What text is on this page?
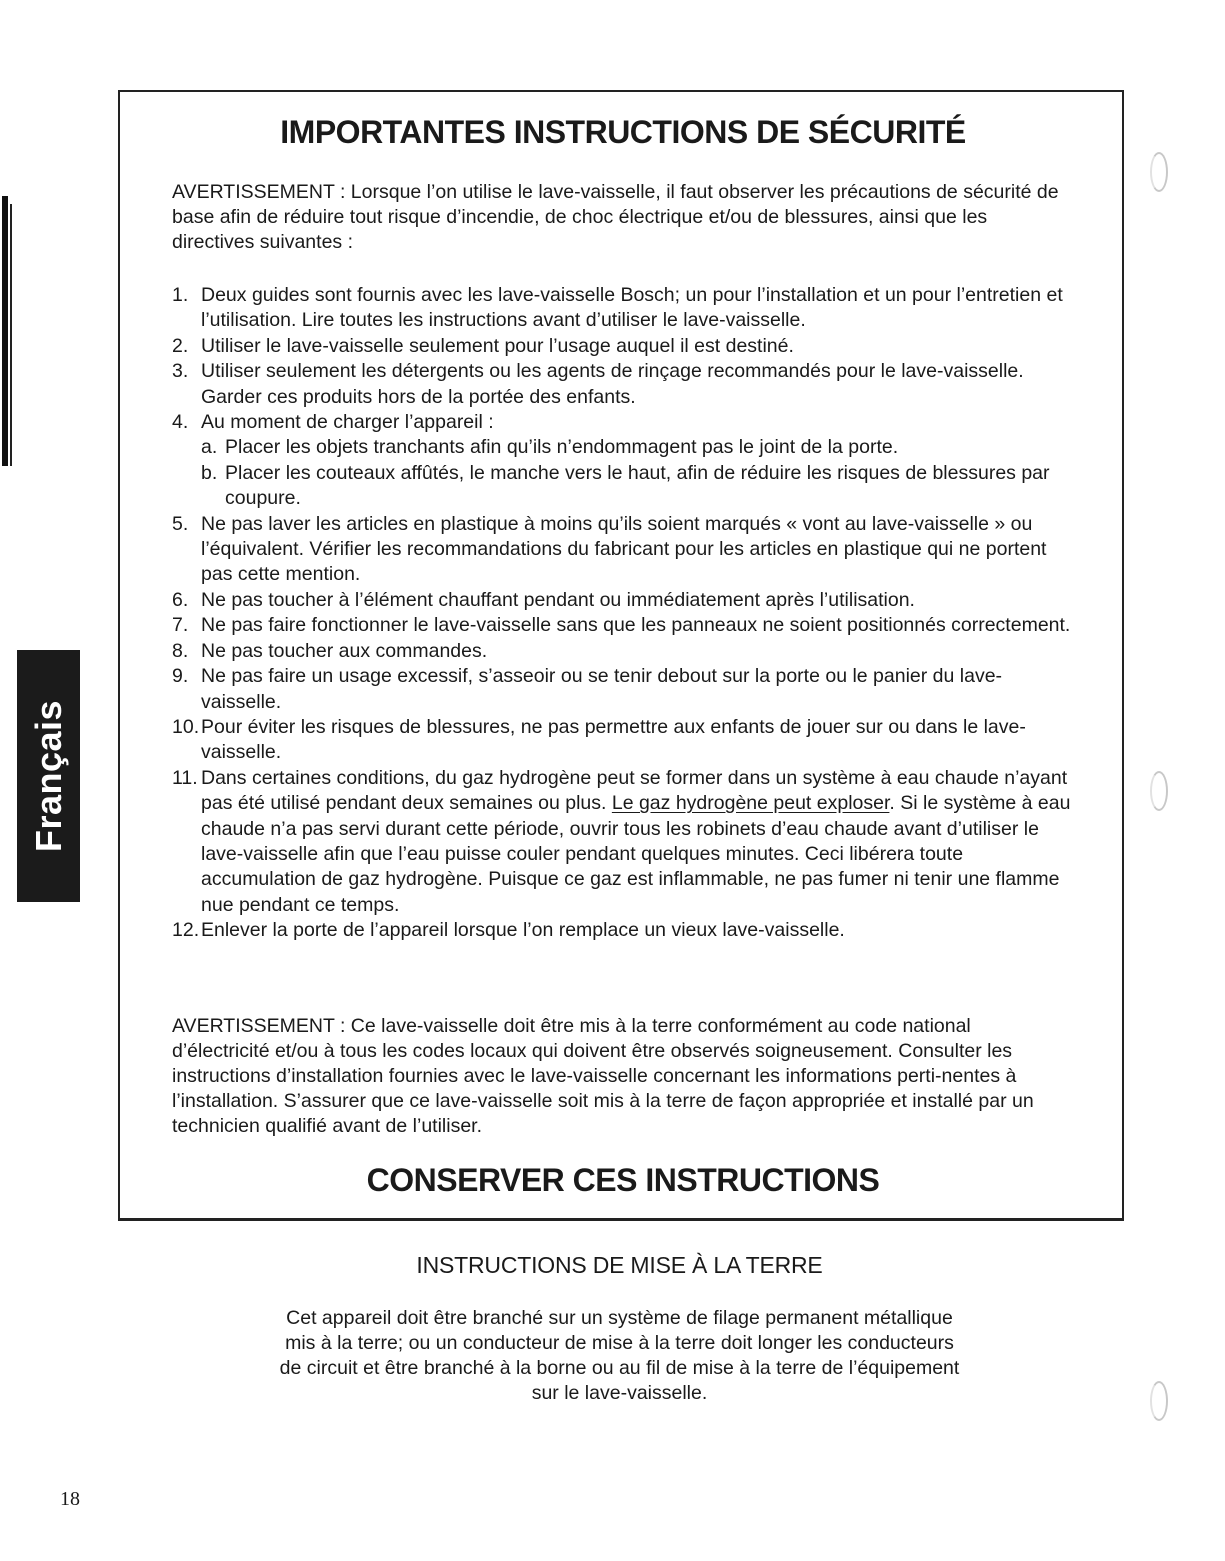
Français
IMPORTANTES INSTRUCTIONS DE SÉCURITÉ

AVERTISSEMENT : Lorsque l’on utilise le lave-vaisselle, il faut observer les précautions de sécurité de base afin de réduire tout risque d’incendie, de choc électrique et/ou de blessures, ainsi que les directives suivantes :

1. Deux guides sont fournis avec les lave-vaisselle Bosch; un pour l’installation et un pour l’entretien et l’utilisation. Lire toutes les instructions avant d’utiliser le lave-vaisselle.
2. Utiliser le lave-vaisselle seulement pour l’usage auquel il est destiné.
3. Utiliser seulement les détergents ou les agents de rinçage recommandés pour le lave-vaisselle. Garder ces produits hors de la portée des enfants.
4. Au moment de charger l’appareil :
a. Placer les objets tranchants afin qu’ils n’endommagent pas le joint de la porte.
b. Placer les couteaux affûtés, le manche vers le haut, afin de réduire les risques de blessures par coupure.
5. Ne pas laver les articles en plastique à moins qu’ils soient marqués « vont au lave-vaisselle » ou l’équivalent. Vérifier les recommandations du fabricant pour les articles en plastique qui ne portent pas cette mention.
6. Ne pas toucher à l’élément chauffant pendant ou immédiatement après l’utilisation.
7. Ne pas faire fonctionner le lave-vaisselle sans que les panneaux ne soient positionnés correctement.
8. Ne pas toucher aux commandes.
9. Ne pas faire un usage excessif, s’asseoir ou se tenir debout sur la porte ou le panier du lave-vaisselle.
10. Pour éviter les risques de blessures, ne pas permettre aux enfants de jouer sur ou dans le lave-vaisselle.
11. Dans certaines conditions, du gaz hydrogène peut se former dans un système à eau chaude n’ayant pas été utilisé pendant deux semaines ou plus. Le gaz hydrogène peut exploser. Si le système à eau chaude n’a pas servi durant cette période, ouvrir tous les robinets d’eau chaude avant d’utiliser le lave-vaisselle afin que l’eau puisse couler pendant quelques minutes. Ceci libérera toute accumulation de gaz hydrogène. Puisque ce gaz est inflammable, ne pas fumer ni tenir une flamme nue pendant ce temps.
12. Enlever la porte de l’appareil lorsque l’on remplace un vieux lave-vaisselle.

AVERTISSEMENT : Ce lave-vaisselle doit être mis à la terre conformément au code national d’électricité et/ou à tous les codes locaux qui doivent être observés soigneusement. Consulter les instructions d’installation fournies avec le lave-vaisselle concernant les informations perti-nentes à l’installation. S’assurer que ce lave-vaisselle soit mis à la terre de façon appropriée et installé par un technicien qualifié avant de l’utiliser.

CONSERVER CES INSTRUCTIONS
INSTRUCTIONS DE MISE À LA TERRE

Cet appareil doit être branché sur un système de filage permanent métallique
mis à la terre; ou un conducteur de mise à la terre doit longer les conducteurs
de circuit et être branché à la borne ou au fil de mise à la terre de l’équipement
sur le lave-vaisselle.

18
